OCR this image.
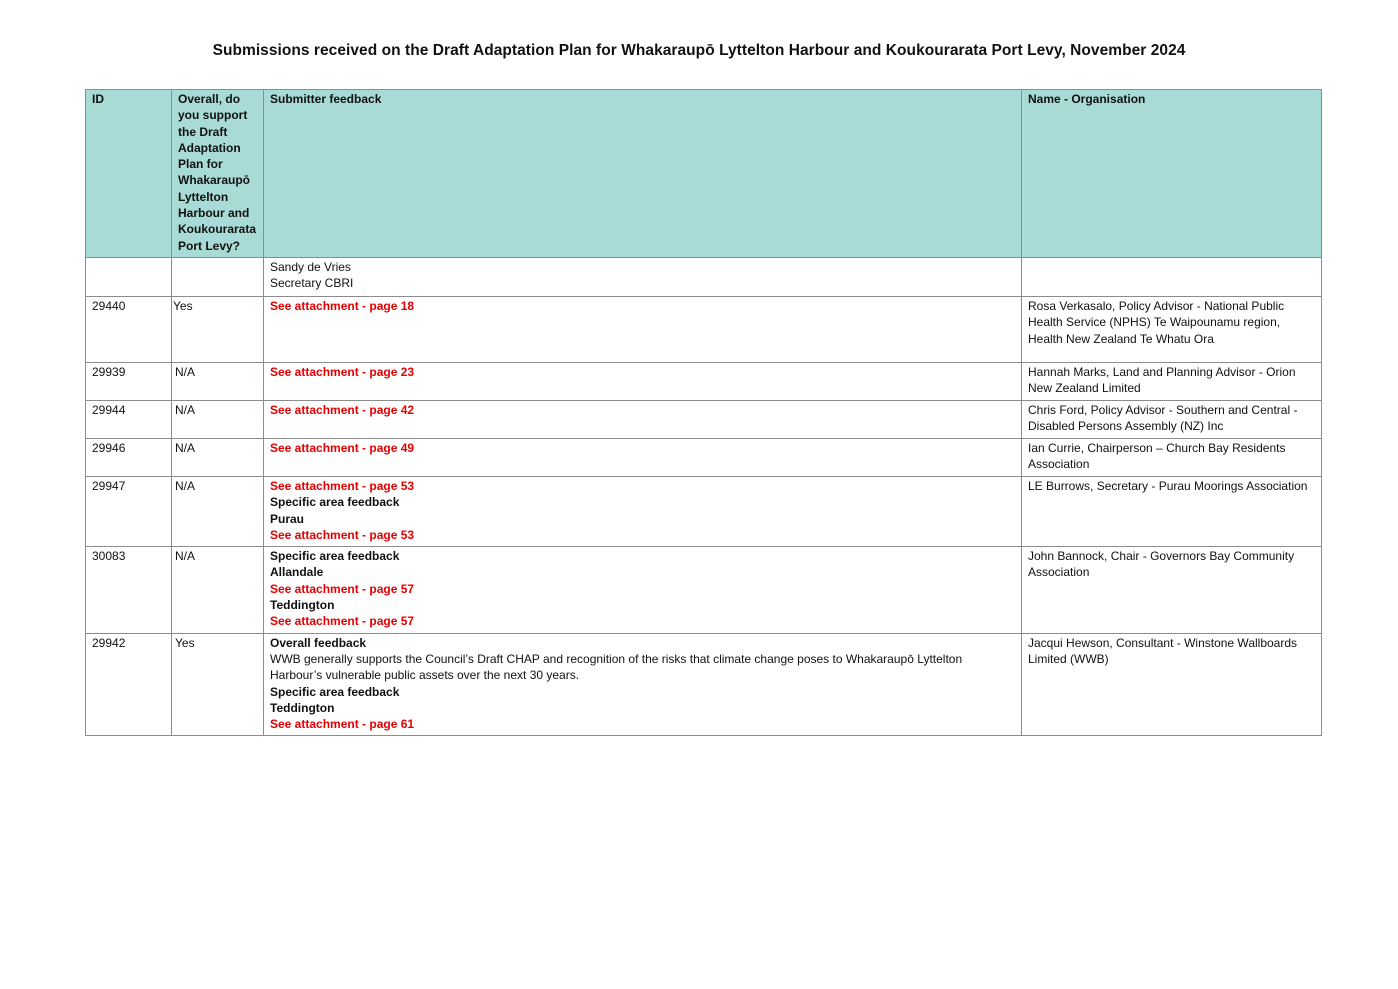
Submissions received on the Draft Adaptation Plan for Whakaraupō Lyttelton Harbour and Koukourarata Port Levy, November 2024
ID	Overall, do you support the Draft Adaptation Plan for Whakaraupō Lyttelton Harbour and Koukourarata Port Levy?	Submitter feedback	Name - Organisation

		Sandy de Vries
Secretary CBRI	

29440	Yes	See attachment - page 18	Rosa Verkasalo, Policy Advisor - National Public Health Service (NPHS) Te Waipounamu region, Health New Zealand Te Whatu Ora
29939	N/A	See attachment - page 23	Hannah Marks, Land and Planning Advisor - Orion New Zealand Limited
29944	N/A	See attachment - page 42	Chris Ford, Policy Advisor - Southern and Central - Disabled Persons Assembly (NZ) Inc
29946	N/A	See attachment - page 49	Ian Currie, Chairperson – Church Bay Residents Association
29947	N/A	See attachment - page 53
Specific area feedback
Purau
See attachment - page 53	LE Burrows, Secretary - Purau Moorings Association
30083	N/A	Specific area feedback
Allandale
See attachment - page 57
Teddington
See attachment - page 57	John Bannock, Chair - Governors Bay Community Association
29942	Yes	Overall feedback
WWB generally supports the Council’s Draft CHAP and recognition of the risks that climate change poses to Whakaraupō Lyttelton Harbour’s vulnerable public assets over the next 30 years.
Specific area feedback
Teddington
See attachment - page 61	Jacqui Hewson, Consultant - Winstone Wallboards Limited (WWB)
